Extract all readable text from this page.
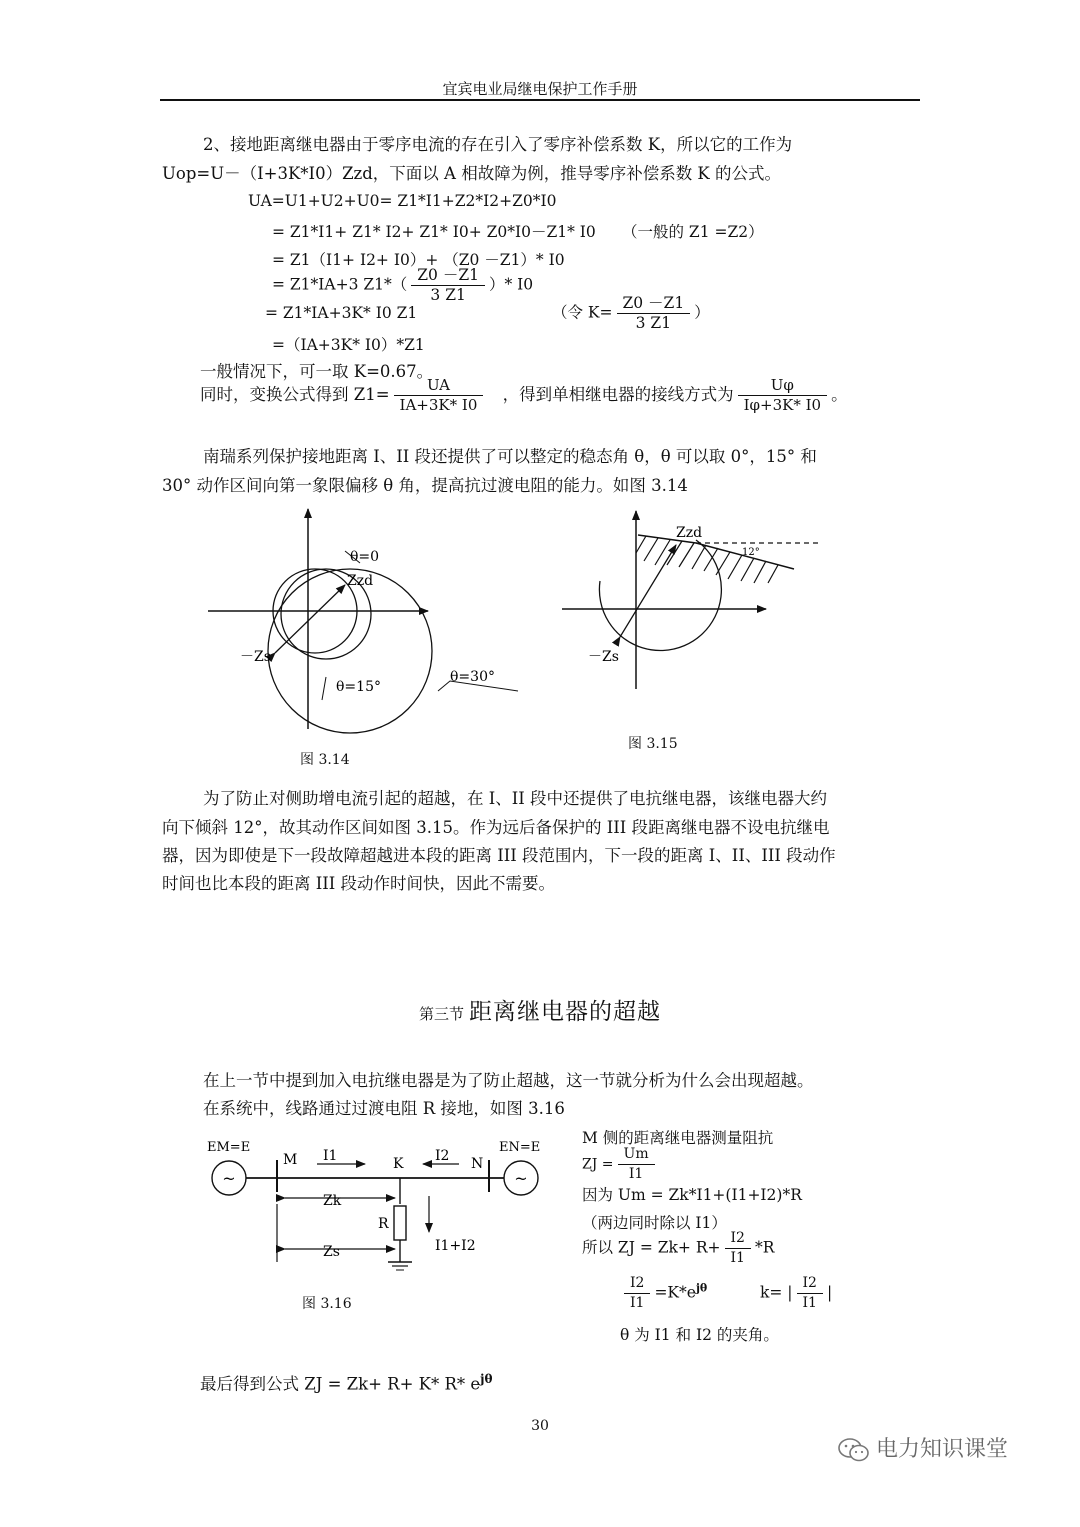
宜宾电业局继电保护工作手册
2、接地距离继电器由于零序电流的存在引入了零序补偿系数 K，所以它的工作为
Uop=U－（I+3K*I0）Zzd，下面以 A 相故障为例，推导零序补偿系数 K 的公式。
UA=U1+U2+U0= Z1*I1+Z2*I2+Z0*I0
= Z1*I1+ Z1* I2+ Z1* I0+ Z0*I0－Z1* I0 （一般的 Z1 =Z2）
= Z1（I1+ I2+ I0）+ （Z0 －Z1）* I0
= Z1*IA+3 $Z1*( \frac{Z0 -Z1}{3 Z1}$ ）* I0
= Z1*IA+3K* I0 Z1	（令 $K= \frac{Z0 -Z1}{3 Z1}$ ）
=（IA+3K* I0）*Z1
一般情况下，可一取 K=0.67。
同时，变换公式得到 $Z1= \frac{UA}{IA+3K* I0}$ ，得到单相继电器的接线方式为 $\frac{U\varphi}{I\varphi+3K* I0}$ 。
南瑞系列保护接地距离 I、II 段还提供了可以整定的稳态角 θ，θ 可以取 0°，15° 和
30° 动作区间向第一象限偏移 θ 角，提高抗过渡电阻的能力。如图 3.14
θ=0
Zzd
－Zs
θ=15°
θ=30°
图 3.14
Zzd
12°
－Zs
图 3.15
为了防止对侧助增电流引起的超越，在 I、II 段中还提供了电抗继电器，该继电器大约
向下倾斜 12°，故其动作区间如图 3.15。作为远后备保护的 III 段距离继电器不设电抗继电
器，因为即使是下一段故障超越进本段的距离 III 段范围内，下一段的距离 I、II、III 段动作
时间也比本段的距离 III 段动作时间快，因此不需要。
第三节 距离继电器的超越
在上一节中提到加入电抗继电器是为了防止超越，这一节就分析为什么会出现超越。
在系统中，线路通过过渡电阻 R 接地，如图 3.16
~	~
EM=E	EN=E
M	K	N
I1	I2
Zk
Zs
R
I1+I2
图 3.16
M 侧的距离继电器测量阻抗
ZJ = $\frac{Um}{I1}$
因为 Um = Zk*I1+(I1+I2)*R
（两边同时除以 I1）
所以 ZJ = $Zk+ R+ \frac{I2}{I1} *R$
$\frac{I2}{I1} =K*e^{j\theta}$	k= | $\frac{I2}{I1}$ |
θ 为 I1 和 I2 的夹角。
最后得到公式 ZJ = Zk+ R+ K* R* $e^{j\theta}$
30
电力知识课堂
